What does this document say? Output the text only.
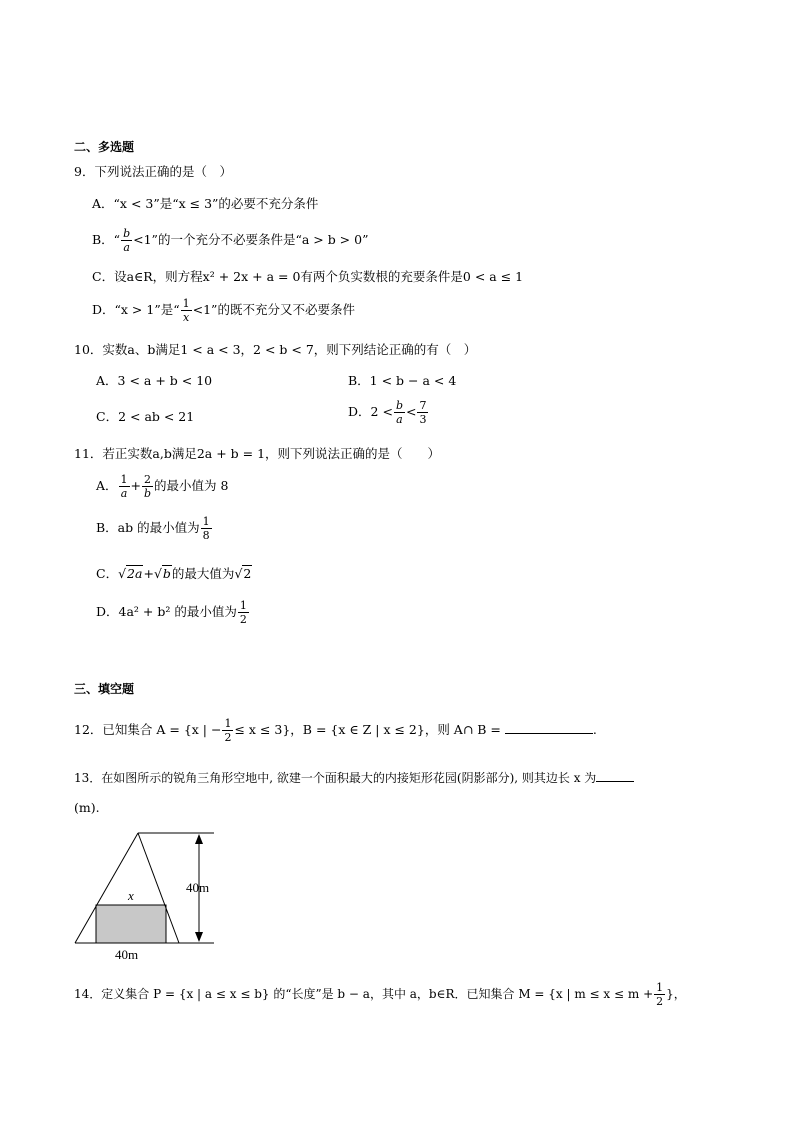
二、多选题
9．下列说法正确的是（　）
A．“x < 3”是“x ≤ 3”的必要不充分条件
B．“ $\frac{b}{a} <1$”的一个充分不必要条件是“a > b > 0”
C．设a∈R，则方程x² + 2x + a = 0有两个负实数根的充要条件是0 < a ≤ 1
D．“x > 1”是“ $\frac{1}{x} <1$”的既不充分又不必要条件
10．实数a、b满足1 < a < 3，2 < b < 7，则下列结论正确的有（　）
A．3 < a + b < 10	B．1 < b − a < 4
C．2 < ab < 21	D．$2 < \frac{b}{a} < \frac{7}{3}$
11．若正实数a,b满足2a + b = 1，则下列说法正确的是（　　）
A． $\frac{1}{a} + \frac{2}{b}$ 的最小值为 8
B．ab 的最小值为 $\frac{1}{8}$
C．√2a+√b的最大值为√2
D．4a² + b² 的最小值为 $\frac{1}{2}$
三、填空题
12．已知集合 A = {x | − $\frac{1}{2} \le x \le 3$}，B = {x ∈ Z | x ≤ 2}，则 A∩ B =	.
13．在如图所示的锐角三角形空地中, 欲建一个面积最大的内接矩形花园(阴影部分), 则其边长 x 为
(m).
x
40m
40m
14．定义集合 P = {x | a ≤ x ≤ b} 的“长度”是 b − a，其中 a，b∈R．已知集合 M = {x | $m \le x \le m + \frac{1}{2}$ }，
